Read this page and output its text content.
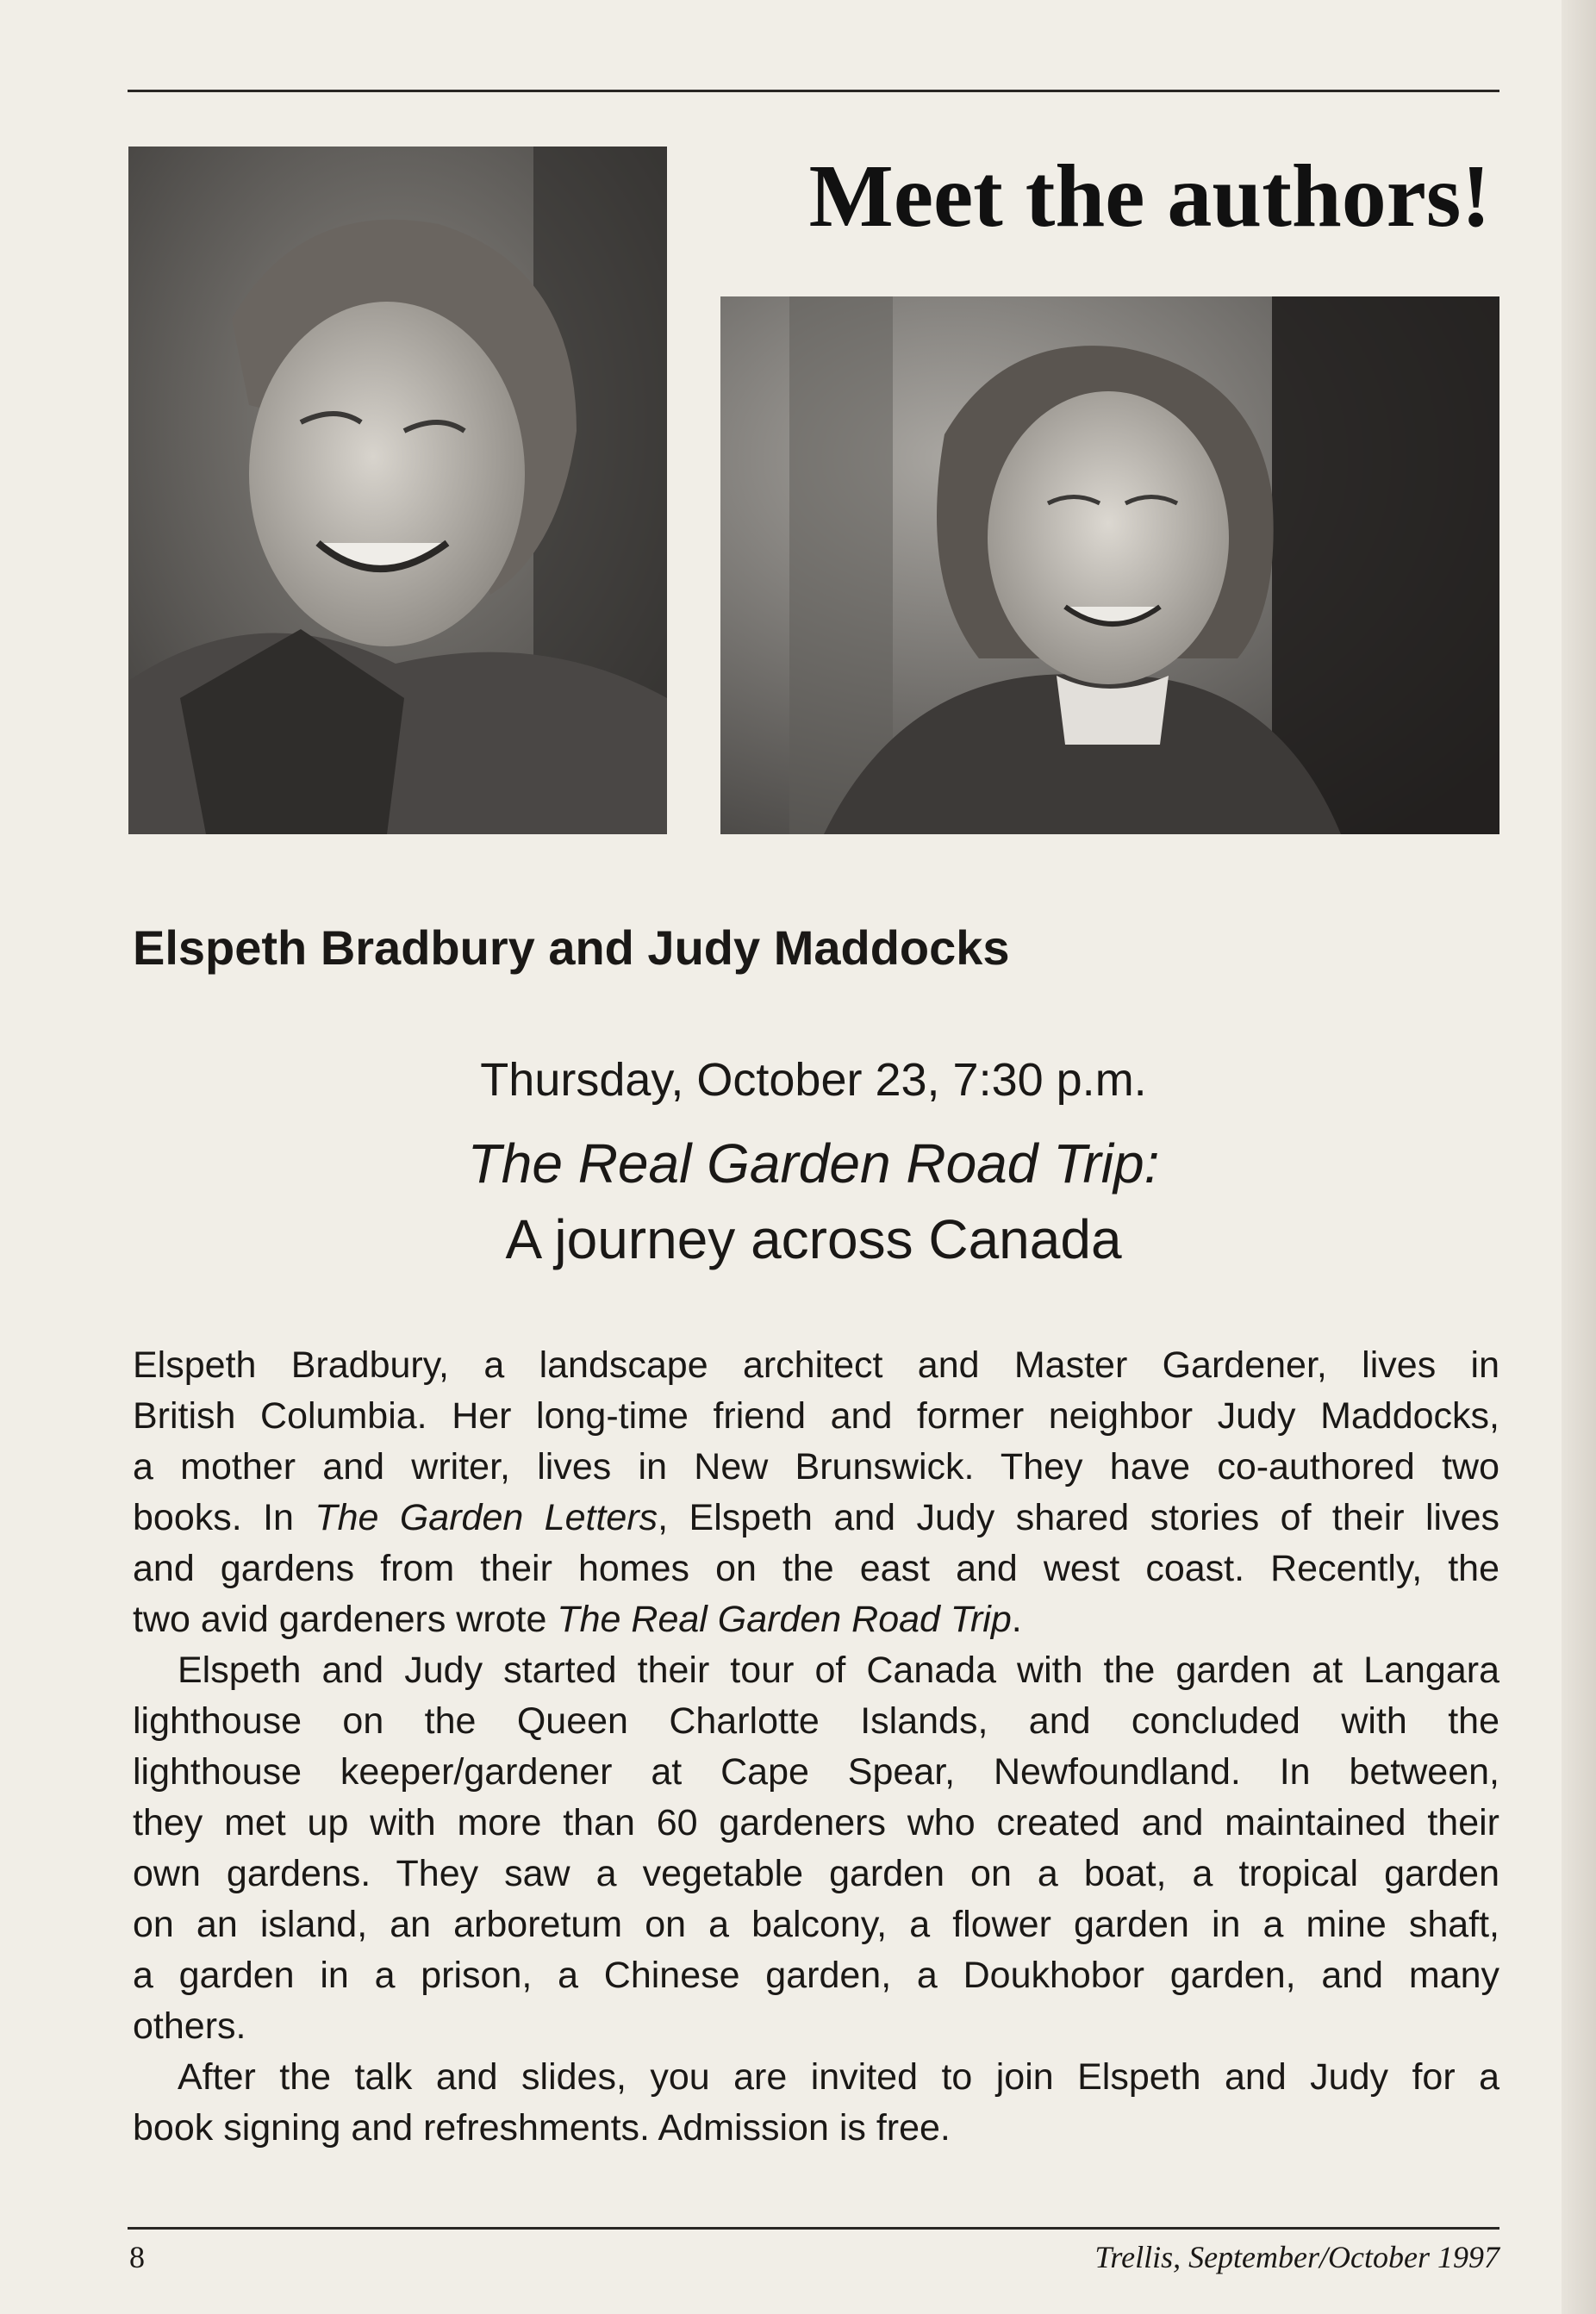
Meet the authors!
Elspeth Bradbury and Judy Maddocks
Thursday, October 23, 7:30 p.m.
The Real Garden Road Trip:
A journey across Canada
Elspeth Bradbury, a landscape architect and Master Gardener, lives in
British Columbia. Her long-time friend and former neighbor Judy Maddocks,
a mother and writer, lives in New Brunswick. They have co-authored two
books. In The Garden Letters, Elspeth and Judy shared stories of their lives
and gardens from their homes on the east and west coast. Recently, the
two avid gardeners wrote The Real Garden Road Trip.
Elspeth and Judy started their tour of Canada with the garden at Langara
lighthouse on the Queen Charlotte Islands, and concluded with the
lighthouse keeper/gardener at Cape Spear, Newfoundland. In between,
they met up with more than 60 gardeners who created and maintained their
own gardens. They saw a vegetable garden on a boat, a tropical garden
on an island, an arboretum on a balcony, a flower garden in a mine shaft,
a garden in a prison, a Chinese garden, a Doukhobor garden, and many
others.
After the talk and slides, you are invited to join Elspeth and Judy for a
book signing and refreshments. Admission is free.
8	Trellis, September/October 1997
